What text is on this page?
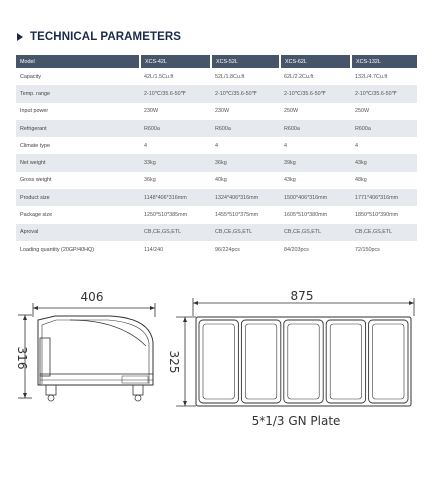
TECHNICAL PARAMETERS
Model	XCS-42L	XCS-52L	XCS-62L	XCS-132L
Capacity	42L/1.5Cu.ft	52L/1.8Cu.ft	62L/2.2Cu.ft	132L/4.7Cu.ft
Temp. range	2-10℃/35.6-50℉	2-10℃/35.6-50℉	2-10℃/35.6-50℉	2-10℃/35.6-50℉
Input power	230W	230W	250W	250W
Refrigerant	R600a	R600a	R600a	R600a
Climate type	4	4	4	4
Net weight	33kg	36kg	39kg	43kg
Gross weight	36kg	40kg	43kg	48kg
Product size	1148*406*316mm	1324*406*316mm	1500*406*316mm	1771*406*316mm
Package size	1250*510*385mm	1455*510*375mm	1605*510*380mm	1850*510*390mm
Aproval	CB,CE,GS,ETL	CB,CE,GS,ETL	CB,CE,GS,ETL	CB,CE,GS,ETL
Loading quantity (20GP/40HQ)	114/240	96/224pcs	84/203pcs	72/150pcs
406
316
875
325
5*1/3 GN Plate
